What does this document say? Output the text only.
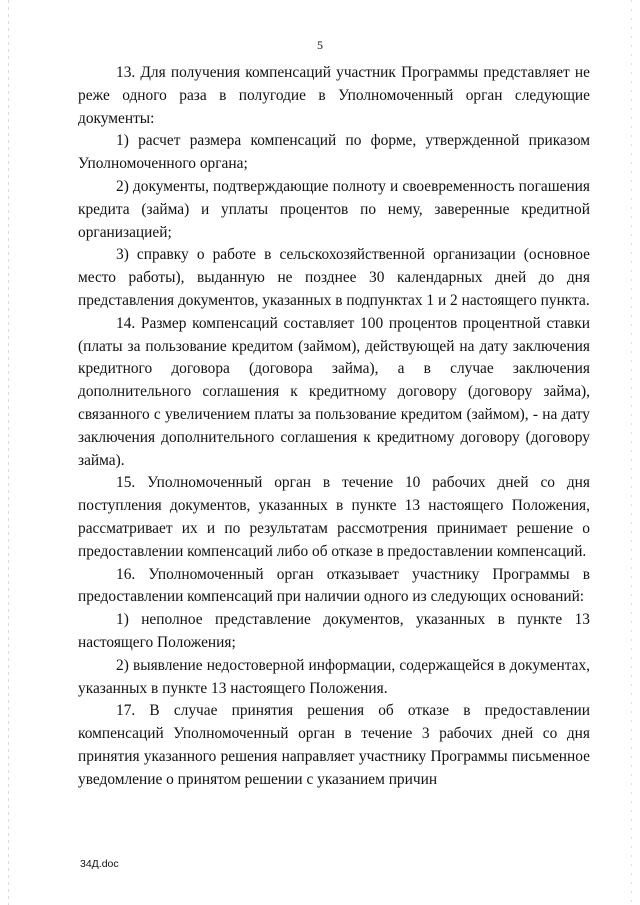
5

13. Для получения компенсаций участник Программы представляет не реже одного раза в полугодие в Уполномоченный орган следующие документы:

1) расчет размера компенсаций по форме, утвержденной приказом Уполномоченного органа;

2) документы, подтверждающие полноту и своевременность погашения кредита (займа) и уплаты процентов по нему, заверенные кредитной организацией;

3) справку о работе в сельскохозяйственной организации (основное место работы), выданную не позднее 30 календарных дней до дня представления документов, указанных в подпунктах 1 и 2 настоящего пункта.

14. Размер компенсаций составляет 100 процентов процентной ставки (платы за пользование кредитом (займом), действующей на дату заключения кредитного договора (договора займа), а в случае заключения дополнительного соглашения к кредитному договору (договору займа), связанного с увеличением платы за пользование кредитом (займом), - на дату заключения дополнительного соглашения к кредитному договору (договору займа).

15. Уполномоченный орган в течение 10 рабочих дней со дня поступления документов, указанных в пункте 13 настоящего Положения, рассматривает их и по результатам рассмотрения принимает решение о предоставлении компенсаций либо об отказе в предоставлении компенсаций.

16. Уполномоченный орган отказывает участнику Программы в предоставлении компенсаций при наличии одного из следующих оснований:

1) неполное представление документов, указанных в пункте 13 настоящего Положения;

2) выявление недостоверной информации, содержащейся в документах, указанных в пункте 13 настоящего Положения.

17. В случае принятия решения об отказе в предоставлении компенсаций Уполномоченный орган в течение 3 рабочих дней со дня принятия указанного решения направляет участнику Программы письменное уведомление о принятом решении с указанием причин

34Д.doc
